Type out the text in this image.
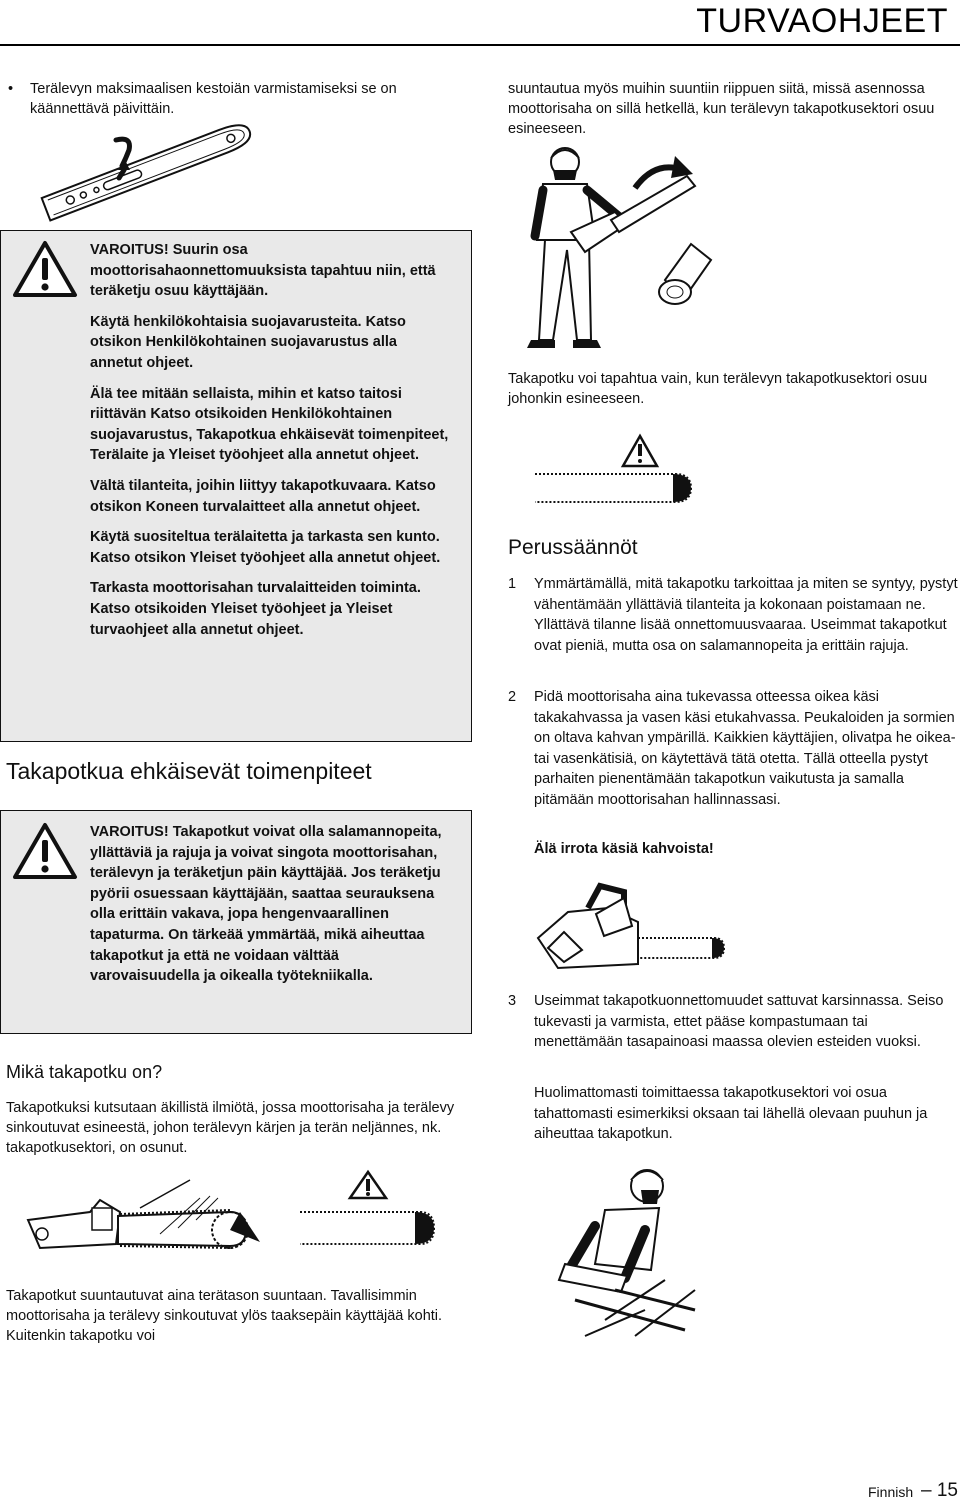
TURVAOHJEET
• Terälevyn maksimaalisen kestoiän varmistamiseksi se on käännettävä päivittäin.

VAROITUS! Suurin osa moottorisahaonnettomuuksista tapahtuu niin, että teräketju osuu käyttäjään.

Käytä henkilökohtaisia suojavarusteita. Katso otsikon Henkilökohtainen suojavarustus alla annetut ohjeet.

Älä tee mitään sellaista, mihin et katso taitosi riittävän Katso otsikoiden Henkilökohtainen suojavarustus, Takapotkua ehkäisevät toimenpiteet, Terälaite ja Yleiset työohjeet alla annetut ohjeet.

Vältä tilanteita, joihin liittyy takapotkuvaara. Katso otsikon Koneen turvalaitteet alla annetut ohjeet.

Käytä suositeltua terälaitetta ja tarkasta sen kunto. Katso otsikon Yleiset työohjeet alla annetut ohjeet.

Tarkasta moottorisahan turvalaitteiden toiminta. Katso otsikoiden Yleiset työohjeet ja Yleiset turvaohjeet alla annetut ohjeet.

Takapotkua ehkäisevät toimenpiteet

VAROITUS! Takapotkut voivat olla salamannopeita, yllättäviä ja rajuja ja voivat singota moottorisahan, terälevyn ja teräketjun päin käyttäjää. Jos teräketju pyörii osuessaan käyttäjään, saattaa seurauksena olla erittäin vakava, jopa hengenvaarallinen tapaturma. On tärkeää ymmärtää, mikä aiheuttaa takapotkut ja että ne voidaan välttää varovaisuudella ja oikealla työtekniikalla.

Mikä takapotku on?
Takapotkuksi kutsutaan äkillistä ilmiötä, jossa moottorisaha ja terälevy sinkoutuvat esineestä, johon terälevyn kärjen ja terän neljännes, nk. takapotkusektori, on osunut.
Takapotkut suuntautuvat aina terätason suuntaan. Tavallisimmin moottorisaha ja terälevy sinkoutuvat ylös taaksepäin käyttäjää kohti. Kuitenkin takapotku voi
suuntautua myös muihin suuntiin riippuen siitä, missä asennossa moottorisaha on sillä hetkellä, kun terälevyn takapotkusektori osuu esineeseen.
Takapotku voi tapahtua vain, kun terälevyn takapotkusektori osuu johonkin esineeseen.
Perussäännöt
1 Ymmärtämällä, mitä takapotku tarkoittaa ja miten se syntyy, pystyt vähentämään yllättäviä tilanteita ja kokonaan poistamaan ne. Yllättävä tilanne lisää onnettomuusvaaraa. Useimmat takapotkut ovat pieniä, mutta osa on salamannopeita ja erittäin rajuja.
2 Pidä moottorisaha aina tukevassa otteessa oikea käsi takakahvassa ja vasen käsi etukahvassa. Peukaloiden ja sormien on oltava kahvan ympärillä. Kaikkien käyttäjien, olivatpa he oikea- tai vasenkätisiä, on käytettävä tätä otetta. Tällä otteella pystyt parhaiten pienentämään takapotkun vaikutusta ja samalla pitämään moottorisahan hallinnassasi.
Älä irrota käsiä kahvoista!
3 Useimmat takapotkuonnettomuudet sattuvat karsinnassa. Seiso tukevasti ja varmista, ettet pääse kompastumaan tai menettämään tasapainoasi maassa olevien esteiden vuoksi.
Huolimattomasti toimittaessa takapotkusektori voi osua tahattomasti esimerkiksi oksaan tai lähellä olevaan puuhun ja aiheuttaa takapotkun.
Finnish – 15
